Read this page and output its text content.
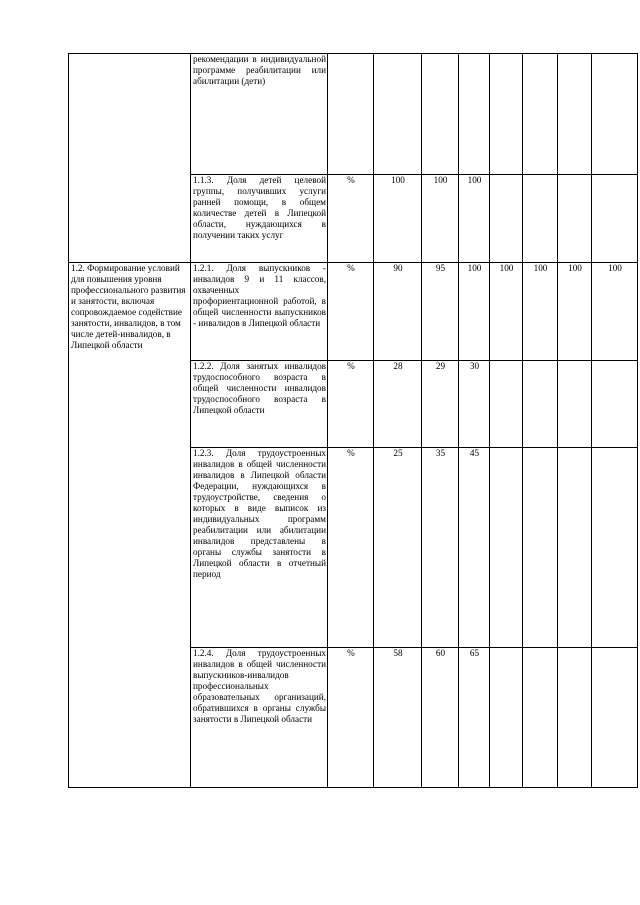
	рекомендации в индивидуальной программе реабилитации или абилитации (дети)								
	1.1.3. Доля детей целевой группы, получивших услуги ранней помощи, в общем количестве детей в Липецкой области, нуждающихся в получении таких услуг	%	100	100	100				
1.2. Формирование условий для повышения уровня профессионального развития и занятости, включая сопровождаемое содействие занятости, инвалидов, в том числе детей-инвалидов, в Липецкой области	1.2.1. Доля выпускников - инвалидов 9 и 11 классов, охваченных профориентационной работой, в общей численности выпускников - инвалидов в Липецкой области	%	90	95	100	100	100	100	100
	1.2.2. Доля занятых инвалидов трудоспособного возраста в общей численности инвалидов трудоспособного возраста в Липецкой области	%	28	29	30				
	1.2.3. Доля трудоустроенных инвалидов в общей численности инвалидов в Липецкой области Федерации, нуждающихся в трудоустройстве, сведения о которых в виде выписок из индивидуальных программ реабилитации или абилитации инвалидов представлены в органы службы занятости в Липецкой области в отчетный период	%	25	35	45				
	1.2.4. Доля трудоустроенных инвалидов в общей численности выпускников-инвалидов профессиональных образовательных организаций, обратившихся в органы службы занятости в Липецкой области	%	58	60	65				
